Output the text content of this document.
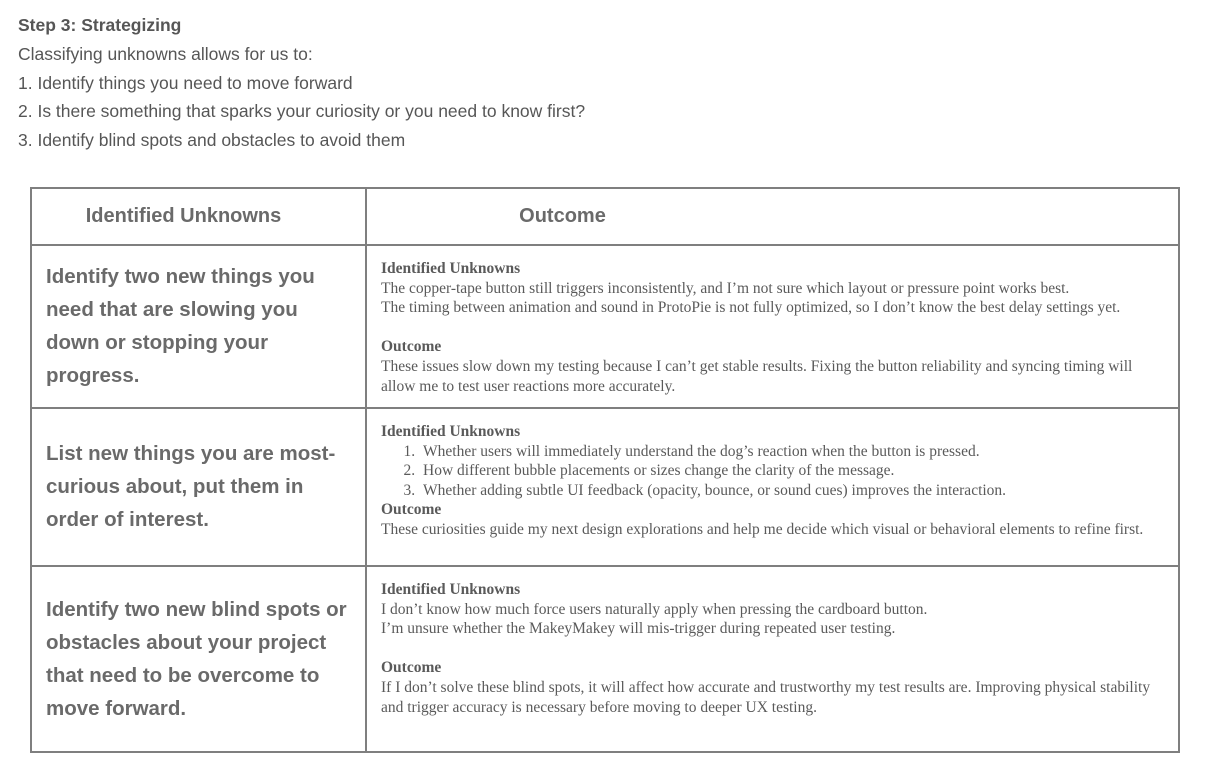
Step 3: Strategizing

Classifying unknowns allows for us to:

1. Identify things you need to move forward

2. Is there something that sparks your curiosity or you need to know first?

3. Identify blind spots and obstacles to avoid them

Identified Unknowns	Outcome

Identify two new things you need that are slowing you down or stopping your progress.

Identified Unknowns

The copper-tape button still triggers inconsistently, and I’m not sure which layout or pressure point works best.

The timing between animation and sound in ProtoPie is not fully optimized, so I don’t know the best delay settings yet.

Outcome

These issues slow down my testing because I can’t get stable results. Fixing the button reliability and syncing timing will allow me to test user reactions more accurately.

List new things you are most-curious about, put them in order of interest.

Identified Unknowns

1. Whether users will immediately understand the dog’s reaction when the button is pressed.
2. How different bubble placements or sizes change the clarity of the message.
3. Whether adding subtle UI feedback (opacity, bounce, or sound cues) improves the interaction.

Outcome

These curiosities guide my next design explorations and help me decide which visual or behavioral elements to refine first.

Identify two new blind spots or obstacles about your project that need to be overcome to move forward.

Identified Unknowns

I don’t know how much force users naturally apply when pressing the cardboard button.

I’m unsure whether the MakeyMakey will mis-trigger during repeated user testing.

Outcome

If I don’t solve these blind spots, it will affect how accurate and trustworthy my test results are. Improving physical stability and trigger accuracy is necessary before moving to deeper UX testing.
